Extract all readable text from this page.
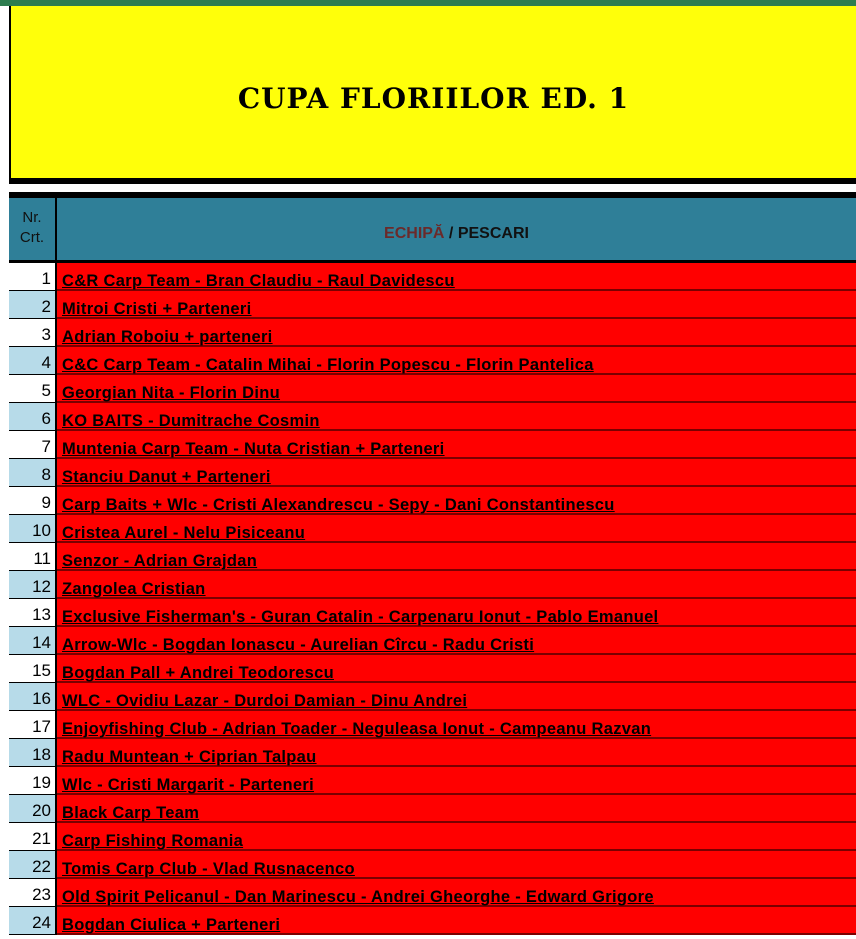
CUPA FLORIILOR ED. 1
Nr.
Crt.	ECHIPĂ / PESCARI
1 C&R Carp Team - Bran Claudiu - Raul Davidescu
2 Mitroi Cristi + Parteneri
3 Adrian Roboiu + parteneri
4 C&C Carp Team - Catalin Mihai - Florin Popescu - Florin Pantelica
5 Georgian Nita - Florin Dinu
6 KO BAITS - Dumitrache Cosmin
7 Muntenia Carp Team - Nuta Cristian + Parteneri
8 Stanciu Danut + Parteneri
9 Carp Baits + Wlc - Cristi Alexandrescu - Sepy - Dani Constantinescu
10 Cristea Aurel - Nelu Pisiceanu
11 Senzor - Adrian Grajdan
12 Zangolea Cristian
13 Exclusive Fisherman's - Guran Catalin - Carpenaru Ionut - Pablo Emanuel
14 Arrow-Wlc - Bogdan Ionascu - Aurelian Cîrcu - Radu Cristi
15 Bogdan Pall + Andrei Teodorescu
16 WLC - Ovidiu Lazar - Durdoi Damian - Dinu Andrei
17 Enjoyfishing Club - Adrian Toader - Neguleasa Ionut - Campeanu Razvan
18 Radu Muntean + Ciprian Talpau
19 Wlc - Cristi Margarit - Parteneri
20 Black Carp Team
21 Carp Fishing Romania
22 Tomis Carp Club - Vlad Rusnacenco
23 Old Spirit Pelicanul - Dan Marinescu - Andrei Gheorghe - Edward Grigore
24 Bogdan Ciulica + Parteneri
